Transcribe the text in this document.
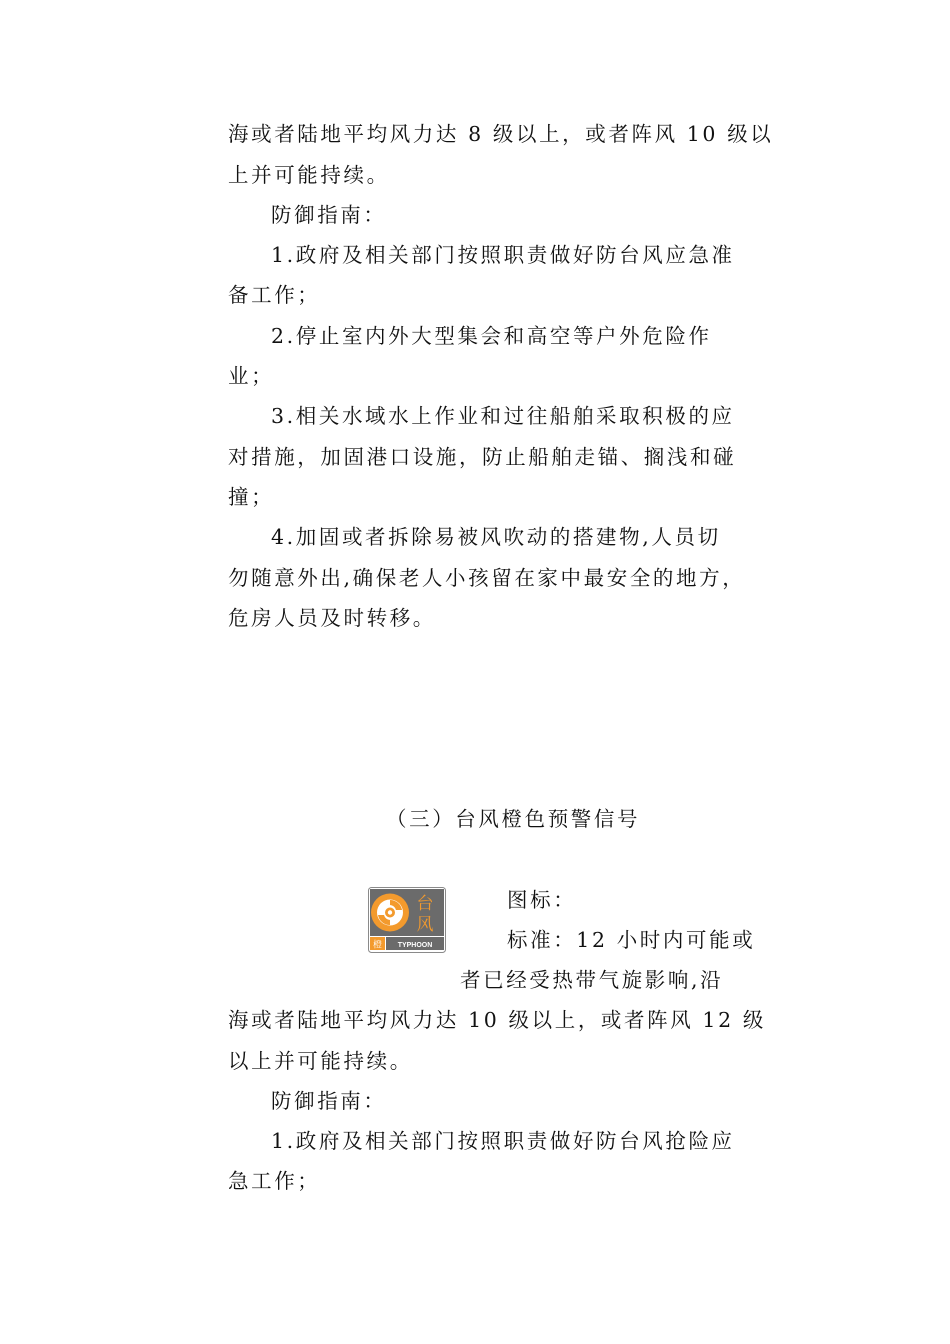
海或者陆地平均风力达 8 级以上，或者阵风 10 级以
上并可能持续。
防御指南：
1.政府及相关部门按照职责做好防台风应急准
备工作；
2.停止室内外大型集会和高空等户外危险作
业；
3.相关水域水上作业和过往船舶采取积极的应
对措施，加固港口设施，防止船舶走锚、搁浅和碰
撞；
4.加固或者拆除易被风吹动的搭建物,人员切
勿随意外出,确保老人小孩留在家中最安全的地方，
危房人员及时转移。
（三）台风橙色预警信号
台
风
橙 TYPHOON
图标：
标准：12 小时内可能或
者已经受热带气旋影响,沿
海或者陆地平均风力达 10 级以上，或者阵风 12 级
以上并可能持续。
防御指南：
1.政府及相关部门按照职责做好防台风抢险应
急工作；
